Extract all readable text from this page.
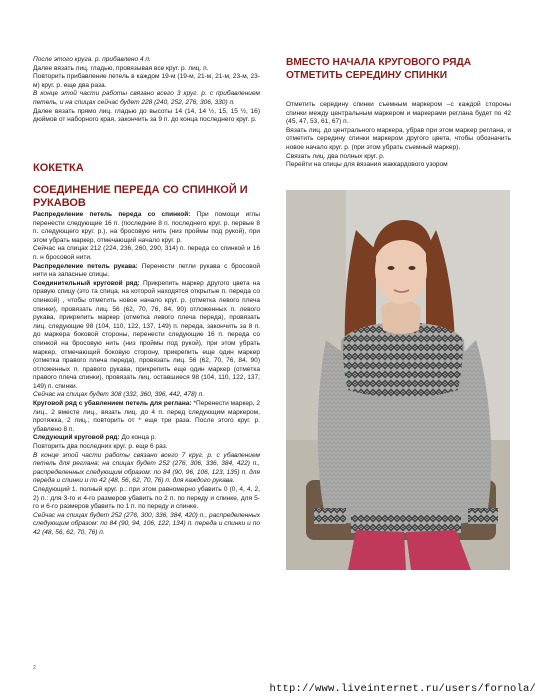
После этого круга. р. прибавлено 4 п.

Далее вязать лиц. гладью, провязывая все круг. р. лиц. п.

Повторить прибавление петель в каждом 19-м (19-м, 21-м, 21-м, 23-м, 23-м) круг. р. еще два раза.

В конце этой части работы связано всего 3 круг. р. с прибавлением петель, и на спицах сейчас будет 228 (240, 252, 276, 306, 330) п.

Далее вязать прямо лиц. гладью до высоты 14 (14, 14 ½, 15, 15 ½, 16) дюймов от наборного края, закончить за 9 п. до конца последнего круг. р.

КОКЕТКА
СОЕДИНЕНИЕ ПЕРЕДА СО СПИНКОЙ И РУКАВОВ

Распределение петель переда со спинкой: При помощи иглы перенести следующие 16 п. (последние 8 п. последнего круг. р. первые 8 п. следующего круг. р.), на бросовую нить (низ проймы под рукой), при этом убрать маркер, отмечающий начало круг. р.

Сейчас на спицах 212 (224, 236, 260, 290, 314) п. переда со спинкой и 16 п. н бросовой нити.

Распределение петель рукава: Перенести петли рукава с бросовой нити на запасные спицы.

Соединительный круговой ряд: Прикрепить маркер другого цвета на правую спицу (это та спица, на которой находятся открытые п. переда со спинкой) , чтобы отметить новое начало круг. р. (отметка левого плеча спинки), провязать лиц. 56 (62, 70, 76, 84, 90) отложенных п. левого рукава, прикрепить маркер (отметка левого плеча переда), провязать лиц. следующие 98 (104, 110, 122, 137, 149) п. переда, закончить за 8 п. до маркера боковой стороны, перенести следующие 16 п. переда со спинкой на бросовую нить (низ проймы под рукой), при этом убрать маркер, отмечающий боковую сторону, прикрепить еще один маркер (отметка правого плеча переда), провязать лиц. 56 (62, 70, 76, 84, 90) отложенных п. правого рукава, прикрепить еще один маркер (отметка правого плеча спинки), провязать лиц. оставшиеся 98 (104, 110, 122, 137, 149) п. спинки.

Сейчас на спицах будет 308 (332, 360, 396, 442, 478) п.

Круговой ряд с убавлением петель для реглана: *Перенести маркер, 2 лиц., 2 вместе лиц., вязать лиц. до 4 п. перед следующим маркером, протяжка, 2 лиц.; повторить от * еще три раза. После этого круг. р. убавлено 8 п.

Следующий круговой ряд: До конца р.

Повторить два последних круг. р. еще 6 раз.

В конце этой части работы связано всего 7 круг. р. с убавлением петель для реглана; на спицах будет 252 (276, 306, 336, 384, 422) п., распределенных следующим образом: по 84 (90, 96, 106, 123, 135) п. для переда и спинки и по 42 (48, 56, 62, 70, 76) п. для каждого рукава.

Следующий 1. полный круг. р.: при этом равномерно убавить 0 (0, 4, 4, 2, 2) п.: для 3-го и 4-го размеров убавить по 2 п. по переду и спинке, для 5-го и 6-го размеров убавить по 1 п. по переду и спинке.

Сейчас на спицах будет 252 (276, 300, 336, 384, 420) п., распределенных следующим образом: по 84 (90, 94, 106, 122, 134) п. переда и спинки и по 42 (48, 56, 62, 70, 76) п.

ВМЕСТО НАЧАЛА КРУГОВОГО РЯДА ОТМЕТИТЬ СЕРЕДИНУ СПИНКИ

Отметить середину спинки съемным маркером –с каждой стороны спинки между центральным маркером и маркерами реглана будет по 42 (45, 47, 53, 61, 67) п.

Вязать лиц. до центрального маркера, убрав при этом маркер реглана, и отметить середину спинки маркером другого цвета, чтобы обозначить новое начало круг. р. (при этом убрать съемный маркер).

Связать лиц. два полных круг. р.

Перейти на спицы для вязания жаккардового узором

2
http://www.liveinternet.ru/users/fornola/
